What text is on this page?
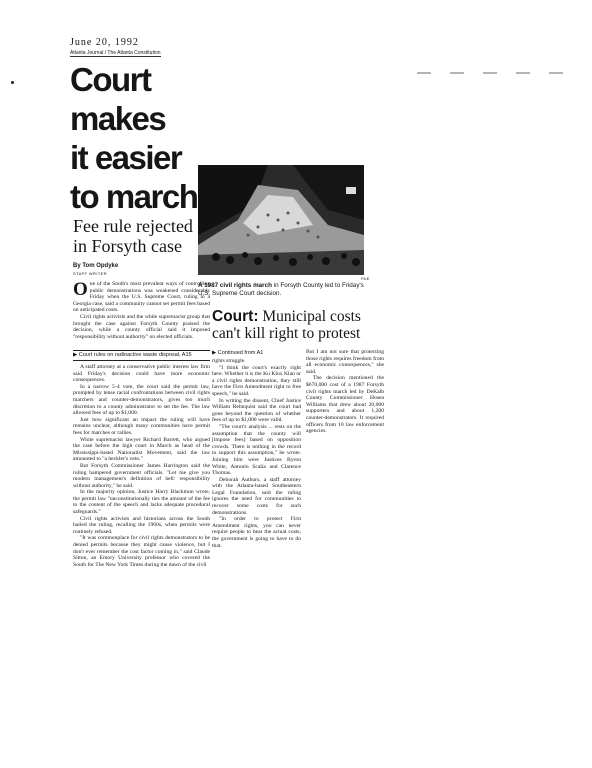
June 20, 1992
Atlanta Journal / The Atlanta Constitution
Court
makes
it easier
to march
Fee rule rejected
in Forsyth case
By Tom Opdyke
STAFF WRITER
O ne of the South's most prevalent ways of controlling public demonstrations was weakened considerably Friday when the U.S. Supreme Court, ruling in a Georgia case, said a community cannot set permit fees based on anticipated costs.

Civil rights activists and the white supremacist group that brought the case against Forsyth County praised the decision, while a county official said it imposed "responsibility without authority" on elected officials.

▶ Court rules on radioactive waste disposal, A15

A staff attorney at a conservative public interest law firm said Friday's decision could have more economic consequences.

In a narrow 5-4 vote, the court said the permit law, prompted by tense racial confrontations between civil rights marchers and counter-demonstrators, gives too much discretion to a county administrator to set the fee. The law allowed fees of up to $1,000.

Just how significant an impact the ruling will have remains unclear, although many communities have permit fees for marches or rallies.

White supremacist lawyer Richard Barrett, who argued the case before the high court in March as head of the Mississippi-based Nationalist Movement, said the law amounted to "a heckler's veto."

But Forsyth Commissioner James Harrington said the ruling hampered government officials. "Let me give you modern management's definition of hell: responsibility without authority," he said.

In the majority opinion, Justice Harry Blackmun wrote, the permit law "unconstitutionally ties the amount of the fee to the content of the speech and lacks adequate procedural safeguards."

Civil rights activists and historians across the South hailed the ruling, recalling the 1960s, when permits were routinely refused.

"It was commonplace for civil rights demonstrators to be denied permits because they might cause violence, but I don't ever remember the cost factor coming in," said Claude Sitton, an Emory University professor who covered the South for The New York Times during the dawn of the civil

FILE
A 1987 civil rights march in Forsyth County led to Friday's U.S. Supreme Court decision.
Court: Municipal costs
can't kill right to protest
▶ Continued from A1

rights struggle.

"I think the court's exactly right here. Whether it is the Ku Klux Klan or a civil rights demonstration, they still have the First Amendment right to free speech," he said.

In writing the dissent, Chief Justice William Rehnquist said the court had gone beyond the question of whether fees of up to $1,000 were valid.

"The court's analysis ... rests on the assumption that the county will [impose fees] based on opposition crowds. There is nothing in the record to support this assumption," he wrote. Joining him were Justices Byron White, Antonin Scalia and Clarence Thomas.

Deborah Authurs, a staff attorney with the Atlanta-based Southeastern Legal Foundation, said the ruling ignores the need for communities to recover some costs for such demonstrations.

"In order to protect First Amendment rights, you can never require people to bear the actual costs, the government is going to have to do that.

But I am not sure that protecting those rights requires freedom from all economic consequences," she said.

The decision mentioned the $670,000 cost of a 1987 Forsyth civil rights march led by DeKalb County Commissioner Hosea Williams that drew about 20,000 supporters and about 1,200 counter-demonstrators. It required officers from 10 law enforcement agencies.
